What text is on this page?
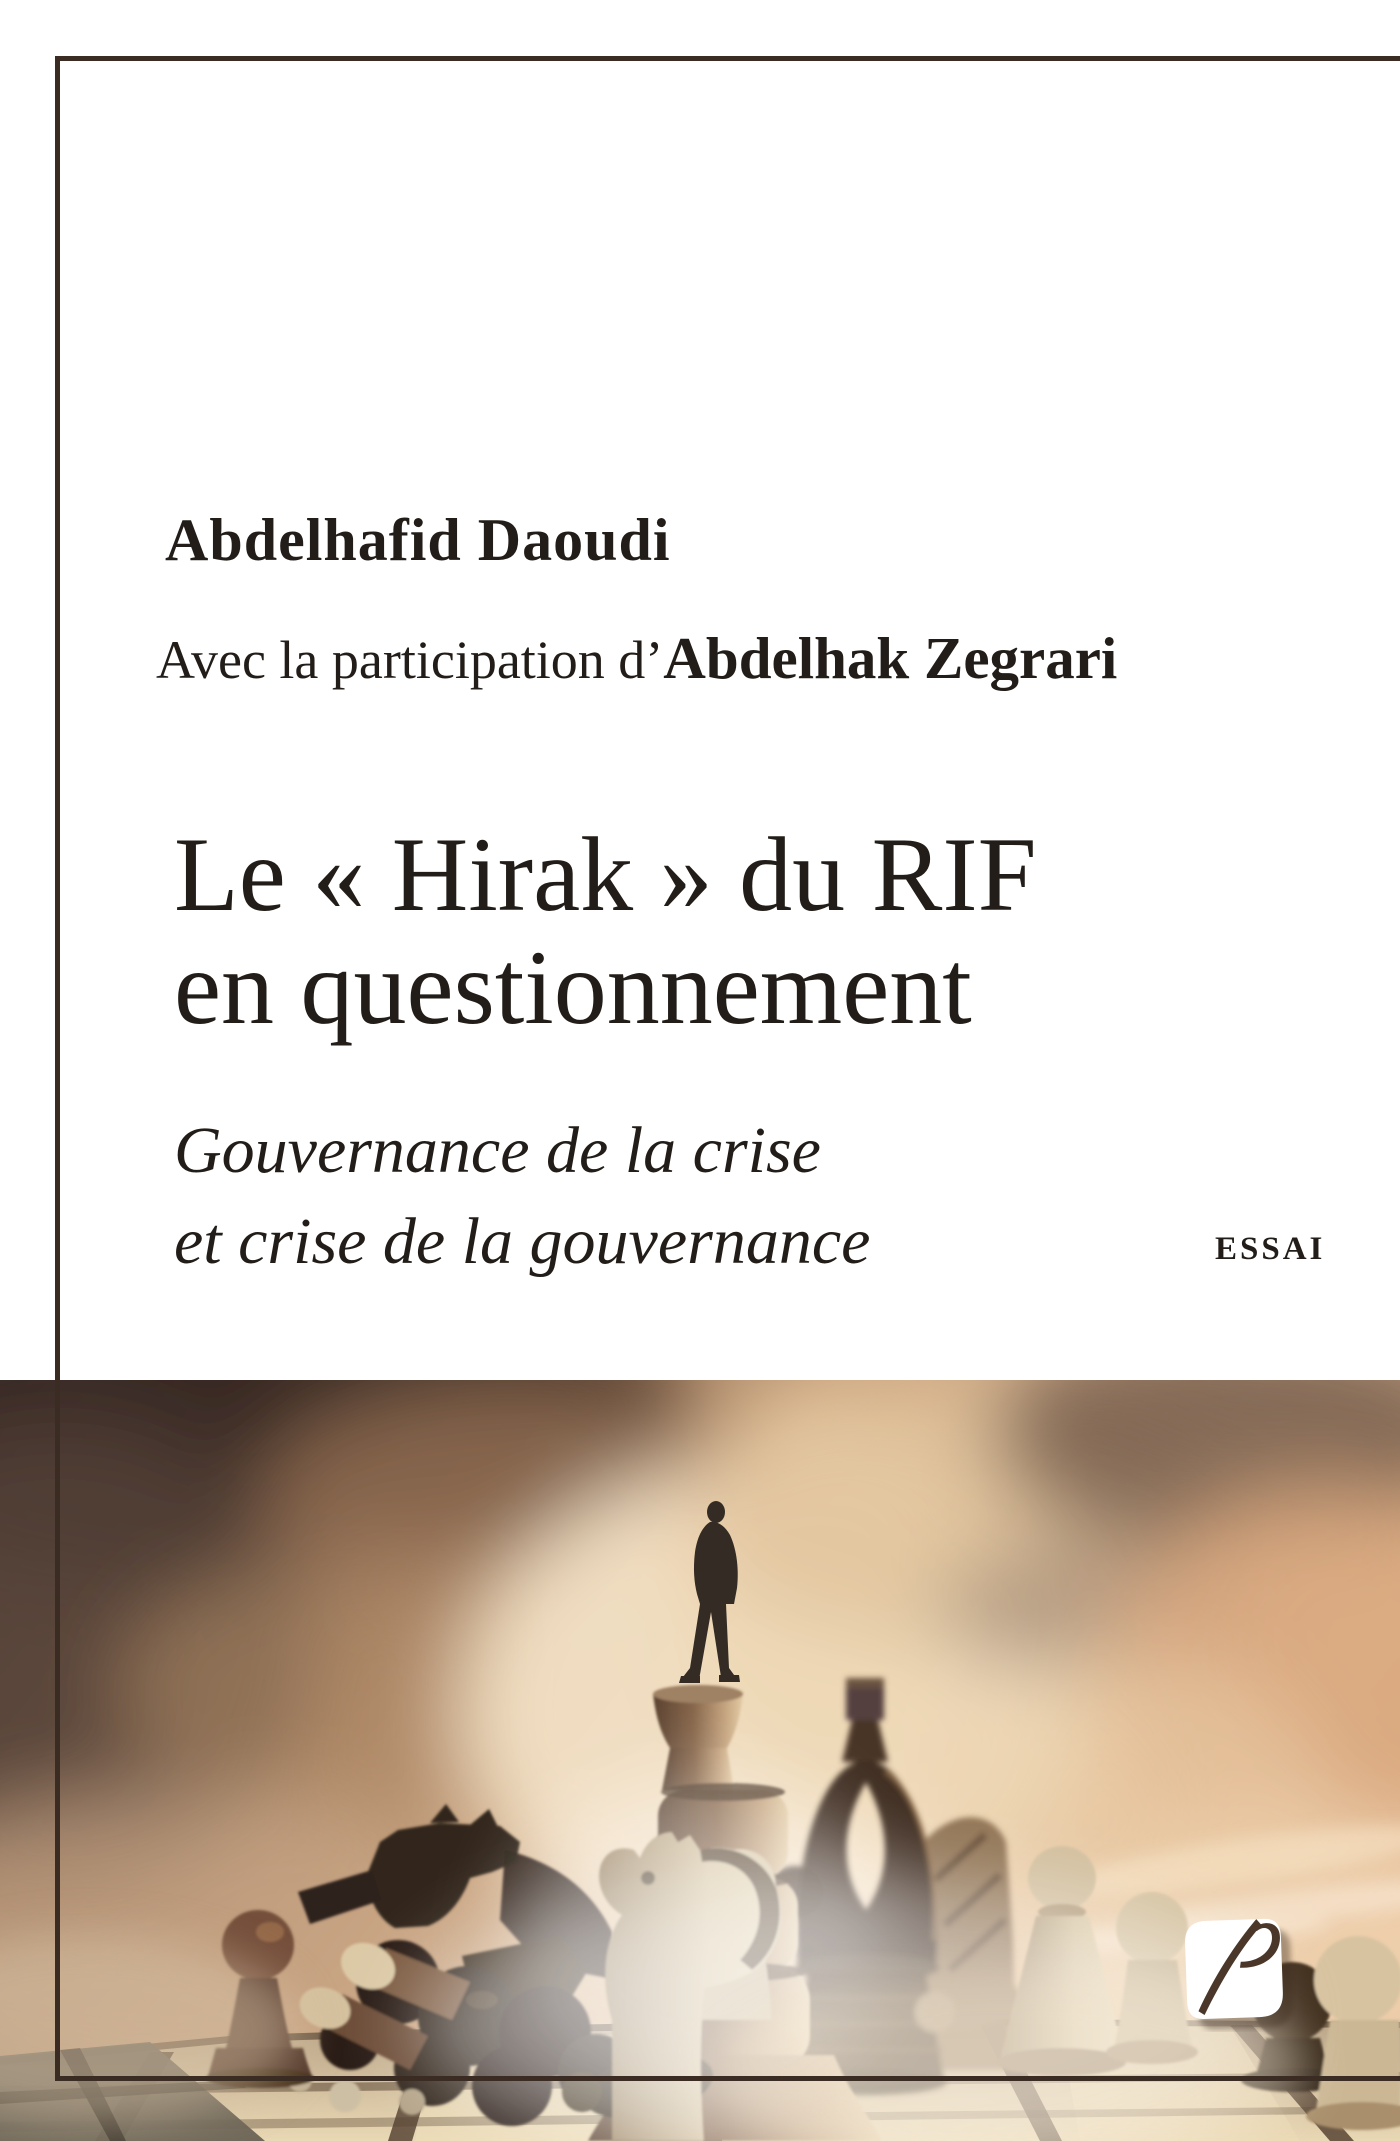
Abdelhafid Daoudi
Avec la participation d’Abdelhak Zegrari
Le « Hirak » du RIF
en questionnement
Gouvernance de la crise
et crise de la gouvernance	ESSAI
